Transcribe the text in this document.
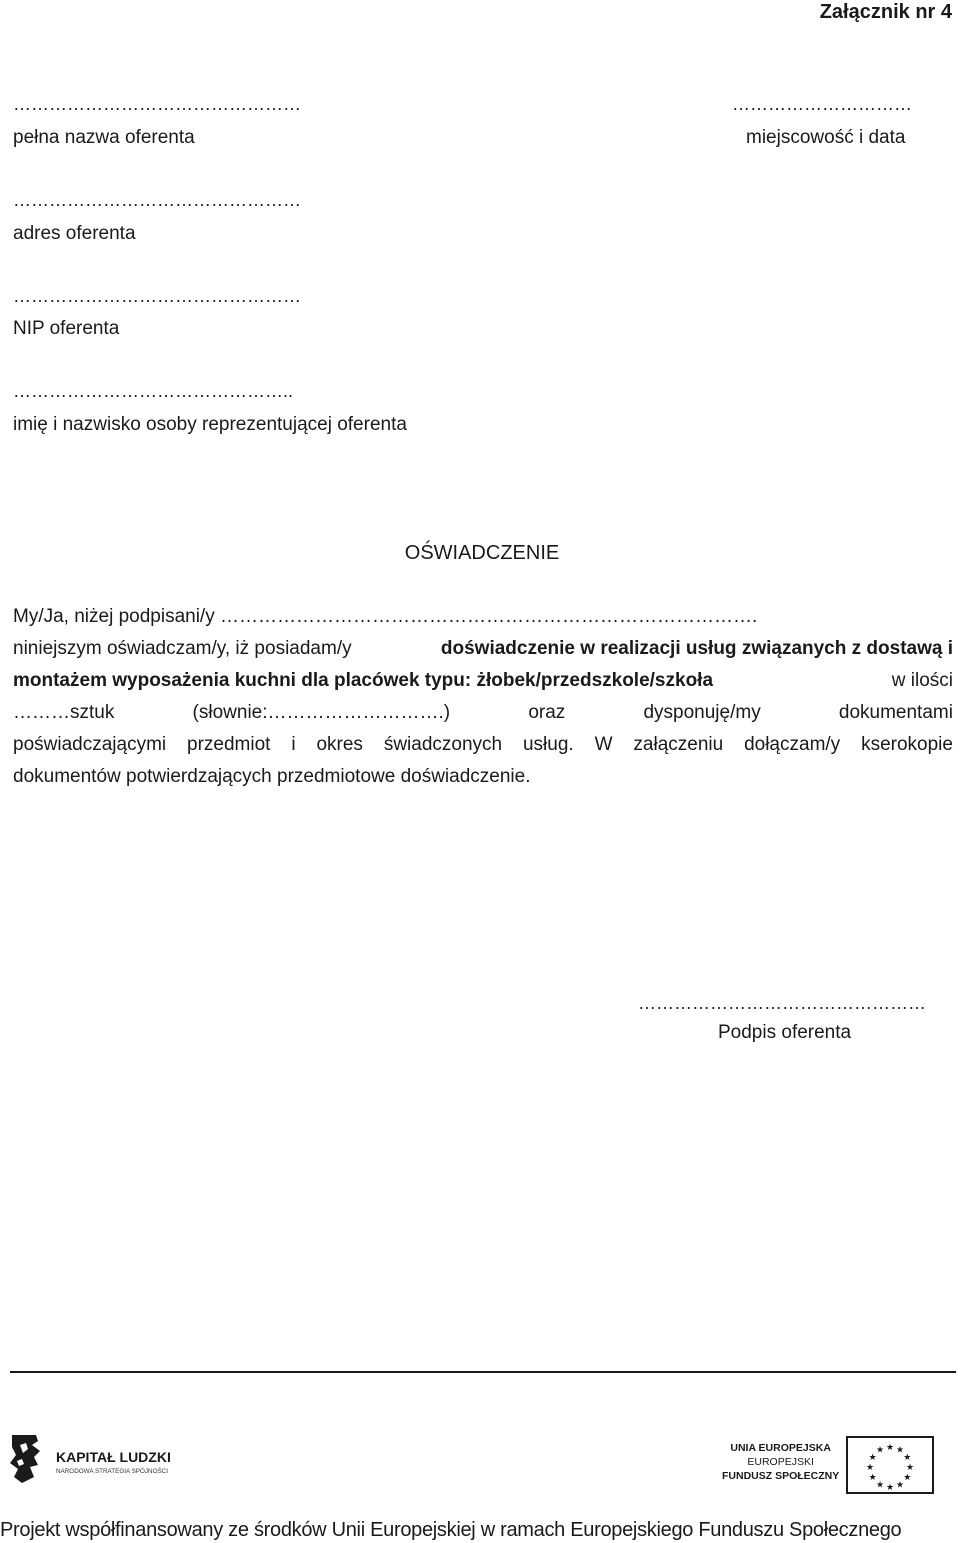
Załącznik nr 4
…………………………………………
pełna nazwa oferenta
…………………………
miejscowość i data
…………………………………………
adres oferenta
…………………………………………
NIP oferenta
………………………………………..
imię i nazwisko osoby reprezentującej oferenta
OŚWIADCZENIE
My/Ja, niżej podpisani/y ………………………………………………………………………….
niniejszym oświadczam/y, iż posiadam/y	doświadczenie w realizacji usług związanych z dostawą i
montażem wyposażenia kuchni dla placówek typu: żłobek/przedszkole/szkoła	w ilości
………sztuk	(słownie:……………………….)	oraz	dysponuję/my	dokumentami
poświadczającymi przedmiot i okres świadczonych usług. W załączeniu dołączam/y kserokopie
dokumentów potwierdzających przedmiotowe doświadczenie.
…………………………………………
Podpis oferenta
KAPITAŁ LUDZKI
NARODOWA STRATEGIA SPÓJNOŚCI
UNIA EUROPEJSKA
EUROPEJSKI
FUNDUSZ SPOŁECZNY
★ ★
★
★
★
★
★
★
★
★
★
★
Projekt współfinansowany ze środków Unii Europejskiej w ramach Europejskiego Funduszu Społecznego
